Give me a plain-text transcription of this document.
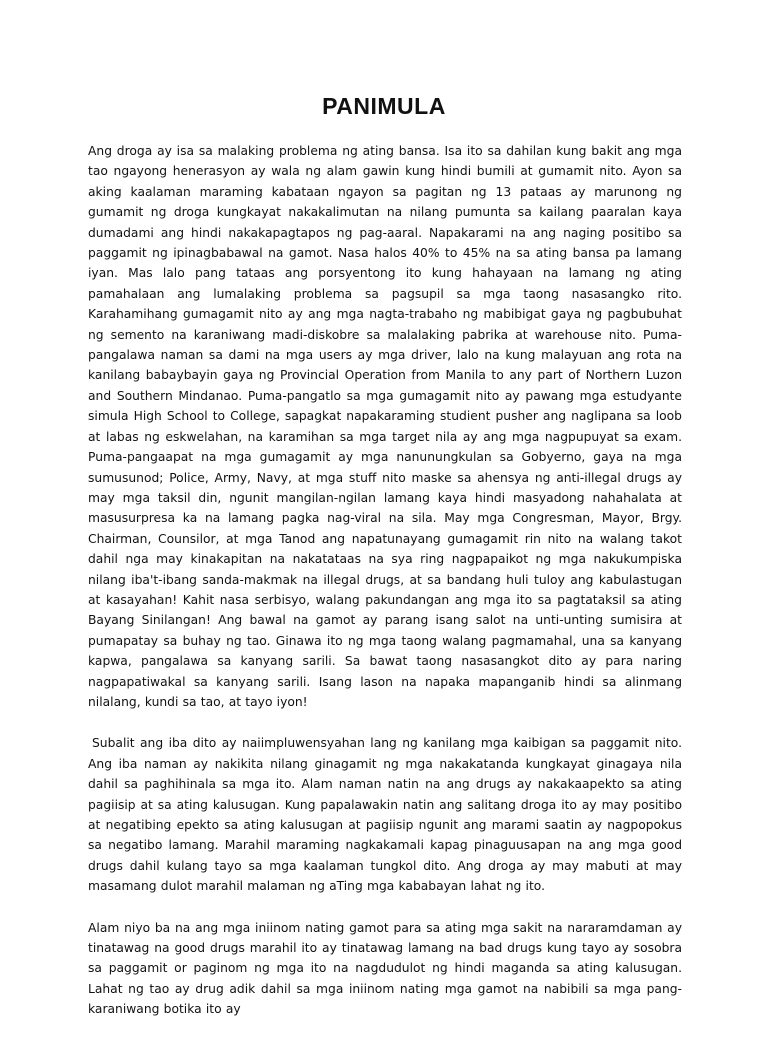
PANIMULA

Ang droga ay isa sa malaking problema ng ating bansa. Isa ito sa dahilan kung bakit ang mga tao ngayong henerasyon ay wala ng alam gawin kung hindi bumili at gumamit nito. Ayon sa aking kaalaman maraming kabataan ngayon sa pagitan ng 13 pataas ay marunong ng gumamit ng droga kungkayat nakakalimutan na nilang pumunta sa kailang paaralan kaya dumadami ang hindi nakakapagtapos ng pag-aaral. Napakarami na ang naging positibo sa paggamit ng ipinagbabawal na gamot. Nasa halos 40% to 45% na sa ating bansa pa lamang iyan. Mas lalo pang tataas ang porsyentong ito kung hahayaan na lamang ng ating pamahalaan ang lumalaking problema sa pagsupil sa mga taong nasasangko rito. Karahamihang gumagamit nito ay ang mga nagta-trabaho ng mabibigat gaya ng pagbubuhat ng semento na karaniwang madi-diskobre sa malalaking pabrika at warehouse nito. Puma-pangalawa naman sa dami na mga users ay mga driver, lalo na kung malayuan ang rota na kanilang babaybayin gaya ng Provincial Operation from Manila to any part of Northern Luzon and Southern Mindanao. Puma-pangatlo sa mga gumagamit nito ay pawang mga estudyante simula High School to College, sapagkat napakaraming studient pusher ang naglipana sa loob at labas ng eskwelahan, na karamihan sa mga target nila ay ang mga nagpupuyat sa exam. Puma-pangaapat na mga gumagamit ay mga nanunungkulan sa Gobyerno, gaya na mga sumusunod; Police, Army, Navy, at mga stuff nito maske sa ahensya ng anti-illegal drugs ay may mga taksil din, ngunit mangilan-ngilan lamang kaya hindi masyadong nahahalata at masusurpresa ka na lamang pagka nag-viral na sila. May mga Congresman, Mayor, Brgy. Chairman, Counsilor, at mga Tanod ang napatunayang gumagamit rin nito na walang takot dahil nga may kinakapitan na nakatataas na sya ring nagpapaikot ng mga nakukumpiska nilang iba't-ibang sanda-makmak na illegal drugs, at sa bandang huli tuloy ang kabulastugan at kasayahan! Kahit nasa serbisyo, walang pakundangan ang mga ito sa pagtataksil sa ating Bayang Sinilangan! Ang bawal na gamot ay parang isang salot na unti-unting sumisira at pumapatay sa buhay ng tao. Ginawa ito ng mga taong walang pagmamahal, una sa kanyang kapwa, pangalawa sa kanyang sarili. Sa bawat taong nasasangkot dito ay para naring nagpapatiwakal sa kanyang sarili. Isang lason na napaka mapanganib hindi sa alinmang nilalang, kundi sa tao, at tayo iyon!

Subalit ang iba dito ay naiimpluwensyahan lang ng kanilang mga kaibigan sa paggamit nito. Ang iba naman ay nakikita nilang ginagamit ng mga nakakatanda kungkayat ginagaya nila dahil sa paghihinala sa mga ito. Alam naman natin na ang drugs ay nakakaapekto sa ating pagiisip at sa ating kalusugan. Kung papalawakin natin ang salitang droga ito ay may positibo at negatibing epekto sa ating kalusugan at pagiisip ngunit ang marami saatin ay nagpopokus sa negatibo lamang. Marahil maraming nagkakamali kapag pinaguusapan na ang mga good drugs dahil kulang tayo sa mga kaalaman tungkol dito. Ang droga ay may mabuti at may masamang dulot marahil malaman ng aTing mga kababayan lahat ng ito.

Alam niyo ba na ang mga iniinom nating gamot para sa ating mga sakit na nararamdaman ay tinatawag na good drugs marahil ito ay tinatawag lamang na bad drugs kung tayo ay sosobra sa paggamit or paginom ng mga ito na nagdudulot ng hindi maganda sa ating kalusugan. Lahat ng tao ay drug adik dahil sa mga iniinom nating mga gamot na nabibili sa mga pang-karaniwang botika ito ay
